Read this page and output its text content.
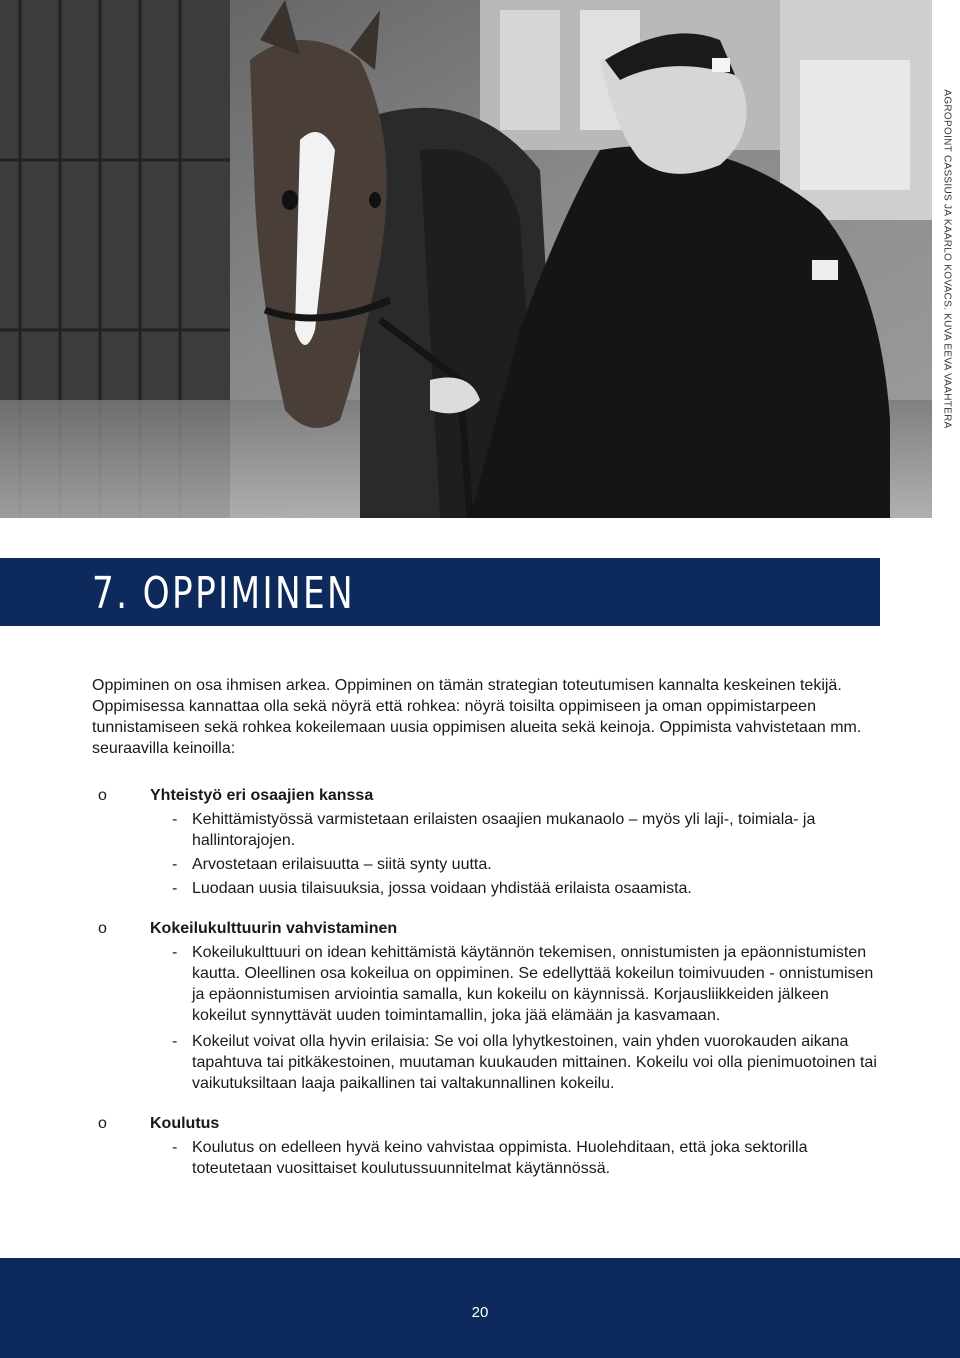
AGROPOINT CASSIUS JA KAARLO KOVACS. KUVA EEVA VAAHTERA
7. OPPIMINEN

Oppiminen on osa ihmisen arkea. Oppiminen on tämän strategian toteutumisen kannalta keskeinen tekijä. Oppimisessa kannattaa olla sekä nöyrä että rohkea: nöyrä toisilta oppimiseen ja oman oppimistarpeen tunnistamiseen sekä rohkea kokeilemaan uusia oppimisen alueita sekä keinoja. Oppimista vahvistetaan mm. seuraavilla keinoilla:

o	Yhteistyö eri osaajien kanssa
- Kehittämistyössä varmistetaan erilaisten osaajien mukanaolo – myös yli laji-, toimiala- ja hallintorajojen.
- Arvostetaan erilaisuutta – siitä synty uutta.
- Luodaan uusia tilaisuuksia, jossa voidaan yhdistää erilaista osaamista.
o	Kokeilukulttuurin vahvistaminen
- Kokeilukulttuuri on idean kehittämistä käytännön tekemisen, onnistumisten ja epäonnistumisten kautta. Oleellinen osa kokeilua on oppiminen. Se edellyttää kokeilun toimivuuden - onnistumisen ja epäonnistumisen arviointia samalla, kun kokeilu on käynnissä. Korjausliikkeiden jälkeen kokeilut synnyttävät uuden toimintamallin, joka jää elämään ja kasvamaan.
- Kokeilut voivat olla hyvin erilaisia: Se voi olla lyhytkestoinen, vain yhden vuorokauden aikana tapahtuva tai pitkäkestoinen, muutaman kuukauden mittainen. Kokeilu voi olla pienimuotoinen tai vaikutuksiltaan laaja paikallinen tai valtakunnallinen kokeilu.
o	Koulutus
- Koulutus on edelleen hyvä keino vahvistaa oppimista. Huolehditaan, että joka sektorilla toteutetaan vuosittaiset koulutussuunnitelmat käytännössä.
20
